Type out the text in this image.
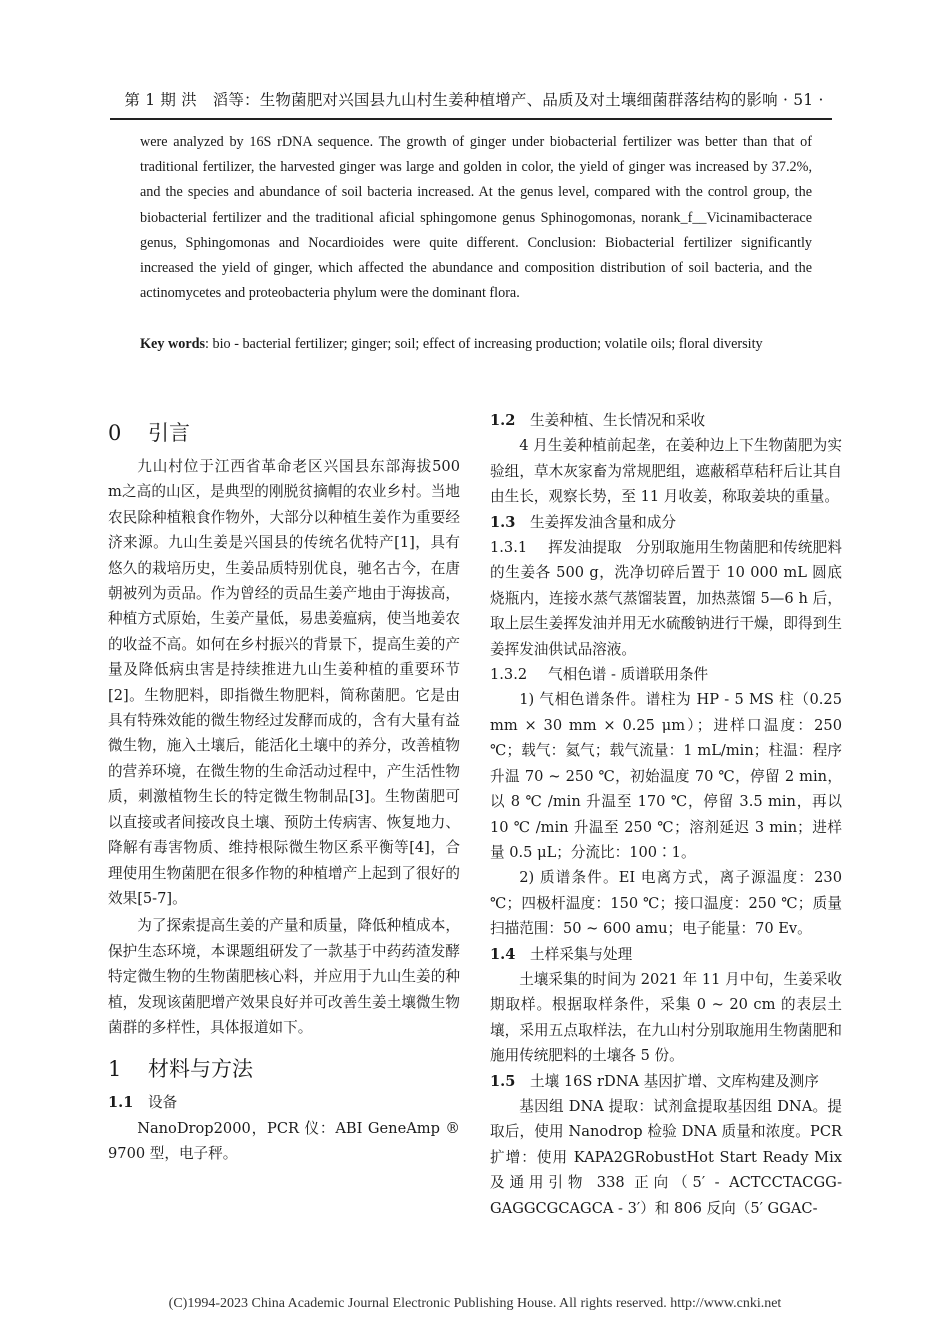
第 1 期 洪　滔等：生物菌肥对兴国县九山村生姜种植增产、品质及对土壤细菌群落结构的影响 · 51 ·

were analyzed by 16S rDNA sequence. The growth of ginger under biobacterial fertilizer was better than that of traditional fertilizer, the harvested ginger was large and golden in color, the yield of ginger was increased by 37.2%, and the species and abundance of soil bacteria increased. At the genus level, compared with the control group, the biobacterial fertilizer and the traditional aficial sphingomone genus Sphinogomonas, norank_f__Vicinamibacterace genus, Sphingomonas and Nocardioides were quite different. Conclusion: Biobacterial fertilizer significantly increased the yield of ginger, which affected the abundance and composition distribution of soil bacteria, and the actinomycetes and proteobacteria phylum were the dominant flora.

Key words: bio - bacterial fertilizer; ginger; soil; effect of increasing production; volatile oils; floral diversity

0 引言

九山村位于江西省革命老区兴国县东部海拔500 m之高的山区，是典型的刚脱贫摘帽的农业乡村。当地农民除种植粮食作物外，大部分以种植生姜作为重要经济来源。九山生姜是兴国县的传统名优特产[1]，具有悠久的栽培历史，生姜品质特别优良，驰名古今，在唐朝被列为贡品。作为曾经的贡品生姜产地由于海拔高，种植方式原始，生姜产量低，易患姜瘟病，使当地姜农的收益不高。如何在乡村振兴的背景下，提高生姜的产量及降低病虫害是持续推进九山生姜种植的重要环节[2]。生物肥料，即指微生物肥料，简称菌肥。它是由具有特殊效能的微生物经过发酵而成的，含有大量有益微生物，施入土壤后，能活化土壤中的养分，改善植物的营养环境，在微生物的生命活动过程中，产生活性物质，刺激植物生长的特定微生物制品[3]。生物菌肥可以直接或者间接改良土壤、预防土传病害、恢复地力、降解有毒害物质、维持根际微生物区系平衡等[4]，合理使用生物菌肥在很多作物的种植增产上起到了很好的效果[5-7]。

为了探索提高生姜的产量和质量，降低种植成本，保护生态环境，本课题组研发了一款基于中药药渣发酵特定微生物的生物菌肥核心料，并应用于九山生姜的种植，发现该菌肥增产效果良好并可改善生姜土壤微生物菌群的多样性，具体报道如下。

1 材料与方法
1.1 设备

NanoDrop2000，PCR 仪：ABI GeneAmp ® 9700 型，电子秤。

1.2 生姜种植、生长情况和采收

4 月生姜种植前起垄，在姜种边上下生物菌肥为实验组，草木灰家畜为常规肥组，遮蔽稻草秸秆后让其自由生长，观察长势，至 11 月收姜，称取姜块的重量。

1.3 生姜挥发油含量和成分

1.3.1 挥发油提取 分别取施用生物菌肥和传统肥料的生姜各 500 g，洗净切碎后置于 10 000 mL 圆底烧瓶内，连接水蒸气蒸馏装置，加热蒸馏 5—6 h 后，取上层生姜挥发油并用无水硫酸钠进行干燥，即得到生姜挥发油供试品溶液。

1.3.2 气相色谱 - 质谱联用条件

1) 气相色谱条件。谱柱为 HP - 5 MS 柱（0.25 mm × 30 mm × 0.25 μm）；进样口温度：250 ℃；载气：氦气；载气流量：1 mL/min；柱温：程序升温 70 ~ 250 ℃，初始温度 70 ℃，停留 2 min，以 8 ℃ /min 升温至 170 ℃，停留 3.5 min，再以 10 ℃ /min 升温至 250 ℃；溶剂延迟 3 min；进样量 0.5 μL；分流比：100∶1。

2) 质谱条件。EI 电离方式，离子源温度：230 ℃；四极杆温度：150 ℃；接口温度：250 ℃；质量扫描范围：50 ~ 600 amu；电子能量：70 Ev。

1.4 土样采集与处理

土壤采集的时间为 2021 年 11 月中旬，生姜采收期取样。根据取样条件，采集 0 ~ 20 cm 的表层土壤，采用五点取样法，在九山村分别取施用生物菌肥和施用传统肥料的土壤各 5 份。

1.5 土壤 16S rDNA 基因扩增、文库构建及测序

基因组 DNA 提取：试剂盒提取基因组 DNA。提取后，使用 Nanodrop 检验 DNA 质量和浓度。PCR 扩增：使用 KAPA2GRobustHot Start Ready Mix 及通用引物 338 正向（5′ - ACTCCTACGG-GAGGCGCAGCA - 3′）和 806 反向（5′ GGAC-

(C)1994-2023 China Academic Journal Electronic Publishing House. All rights reserved. http://www.cnki.net
